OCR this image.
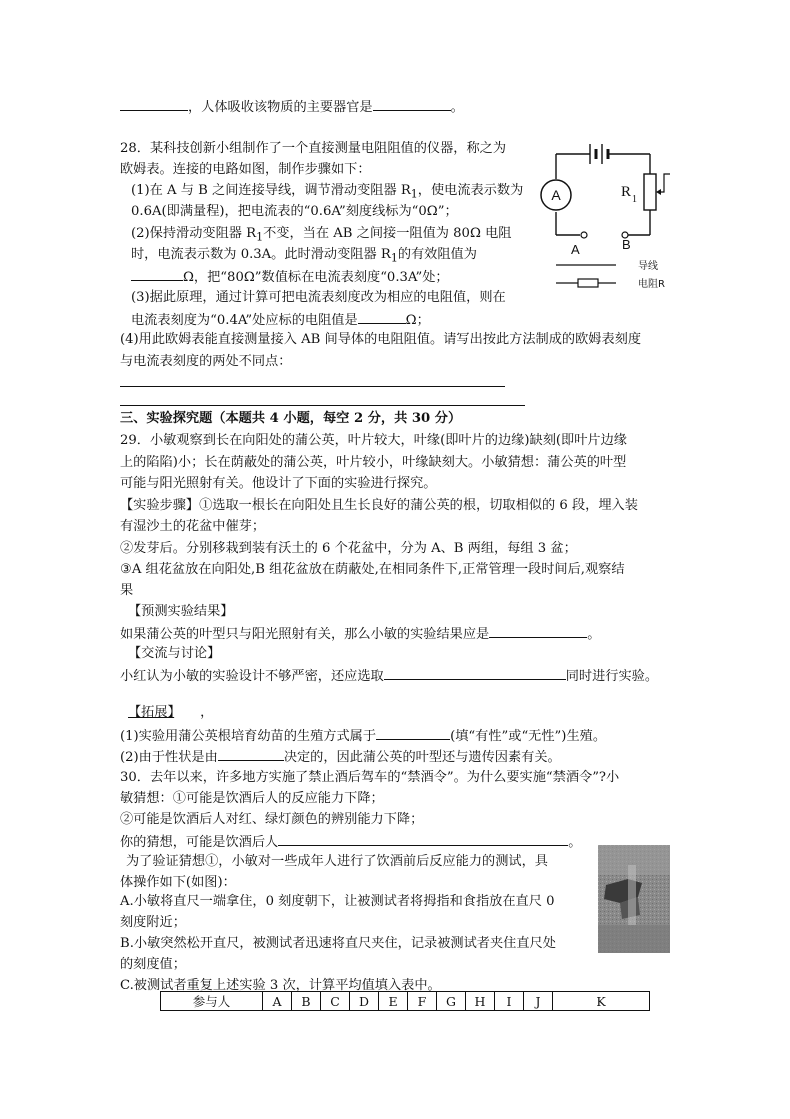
，人体吸收该物质的主要器官是	。
28．某科技创新小组制作了一个直接测量电阻阻值的仪器，称之为
欧姆表。连接的电路如图，制作步骤如下：
(1)在 A 与 B 之间连接导线，调节滑动变阻器 $R_1$，使电流表示数为
0.6A(即满量程)，把电流表的“0.6A”刻度线标为“0Ω”；
(2)保持滑动变阻器 $R_1$不变，当在 AB 之间接一阻值为 80Ω 电阻
时，电流表示数为 0.3A。此时滑动变阻器 $R_1$的有效阻值为
Ω，把“80Ω”数值标在电流表刻度“0.3A”处；
(3)据此原理，通过计算可把电流表刻度改为相应的电阻值，则在
电流表刻度为“0.4A”处应标的电阻值是	Ω；
(4)用此欧姆表能直接测量接入 AB 间导体的电阻阻值。请写出按此方法制成的欧姆表刻度
与电流表刻度的两处不同点：
A	R 1
A	B
导线
电阻R
三、实验探究题（本题共 4 小题，每空 2 分，共 30 分）
29．小敏观察到长在向阳处的蒲公英，叶片较大，叶缘(即叶片的边缘)缺刻(即叶片边缘
上的陷陷)小；长在荫蔽处的蒲公英，叶片较小，叶缘缺刻大。小敏猜想：蒲公英的叶型
可能与阳光照射有关。他设计了下面的实验进行探究。
【实验步骤】①选取一根长在向阳处且生长良好的蒲公英的根，切取相似的 6 段，埋入装
有湿沙土的花盆中催芽；
②发芽后。分别移栽到装有沃土的 6 个花盆中，分为 A、B 两组，每组 3 盆；
③A 组花盆放在向阳处,B 组花盆放在荫蔽处,在相同条件下,正常管理一段时间后,观察结
果
【预测实验结果】
如果蒲公英的叶型只与阳光照射有关，那么小敏的实验结果应是	。
【交流与讨论】
小红认为小敏的实验设计不够严密，还应选取	同时进行实验。
【拓展】 ，
(1)实验用蒲公英根培育幼苗的生殖方式属于	(填“有性”或“无性”)生殖。
(2)由于性状是由	决定的，因此蒲公英的叶型还与遗传因素有关。
30．去年以来，许多地方实施了禁止酒后驾车的“禁酒令”。为什么要实施“禁酒令”?小
敏猜想：①可能是饮酒后人的反应能力下降；
②可能是饮酒后人对红、绿灯颜色的辨别能力下降；
你的猜想，可能是饮酒后人	。
为了验证猜想①，小敏对一些成年人进行了饮酒前后反应能力的测试，具
体操作如下(如图)：
A.小敏将直尺一端拿住，0 刻度朝下，让被测试者将拇指和食指放在直尺 0
刻度附近；
B.小敏突然松开直尺，被测试者迅速将直尺夹住，记录被测试者夹住直尺处
的刻度值；
C.被测试者重复上述实验 3 次，计算平均值填入表中。
参与人	A	B	C	D	E	F	G	H	I	J	K
